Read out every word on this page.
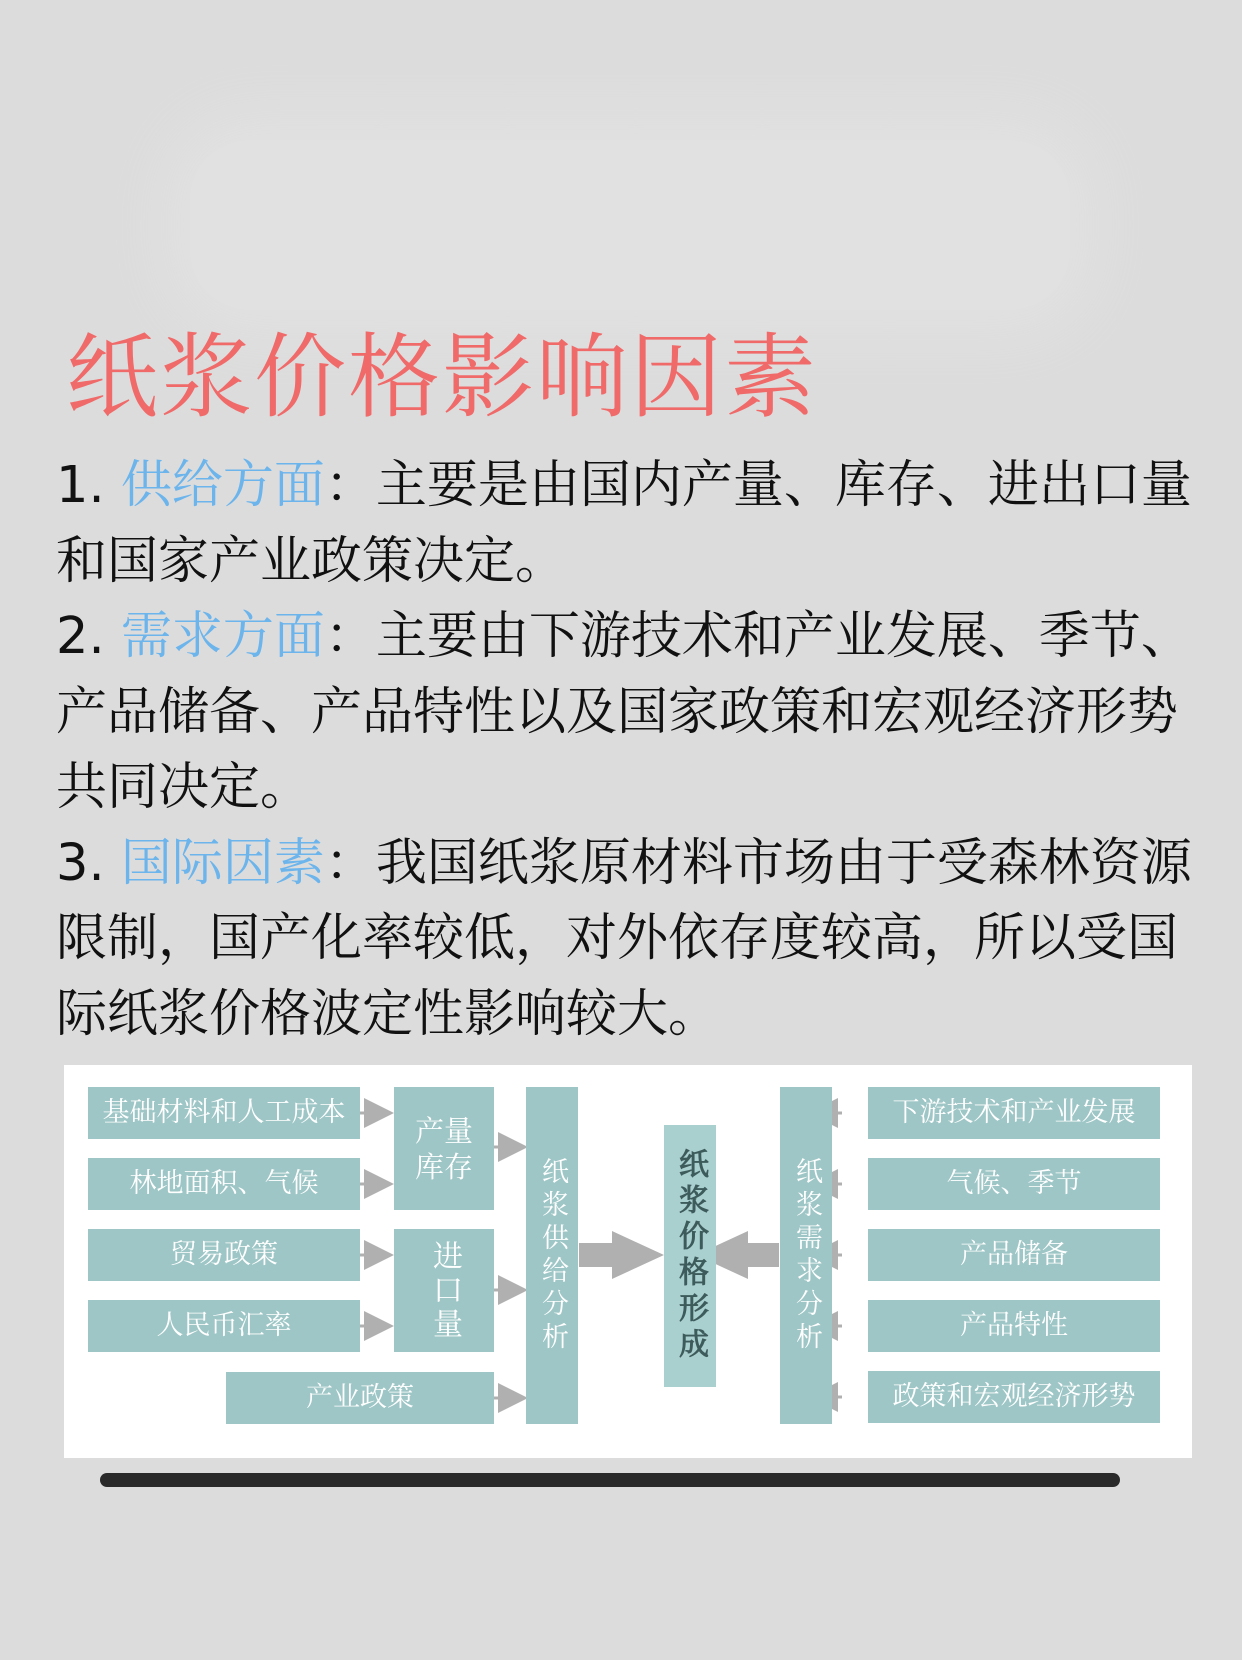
纸浆价格影响因素

1. 供给方面：主要是由国内产量、库存、进出口量和国家产业政策决定。

2. 需求方面：主要由下游技术和产业发展、季节、产品储备、产品特性以及国家政策和宏观经济形势共同决定。

3. 国际因素：我国纸浆原材料市场由于受森林资源限制，国产化率较低，对外依存度较高，所以受国际纸浆价格波定性影响较大。

基础材料和人工成本
林地面积、气候
贸易政策
人民币汇率
产业政策
产量
库存
进口量	纸浆供给分析	纸浆价格形成	纸浆需求分析
下游技术和产业发展
气候、季节
产品储备
产品特性
政策和宏观经济形势
